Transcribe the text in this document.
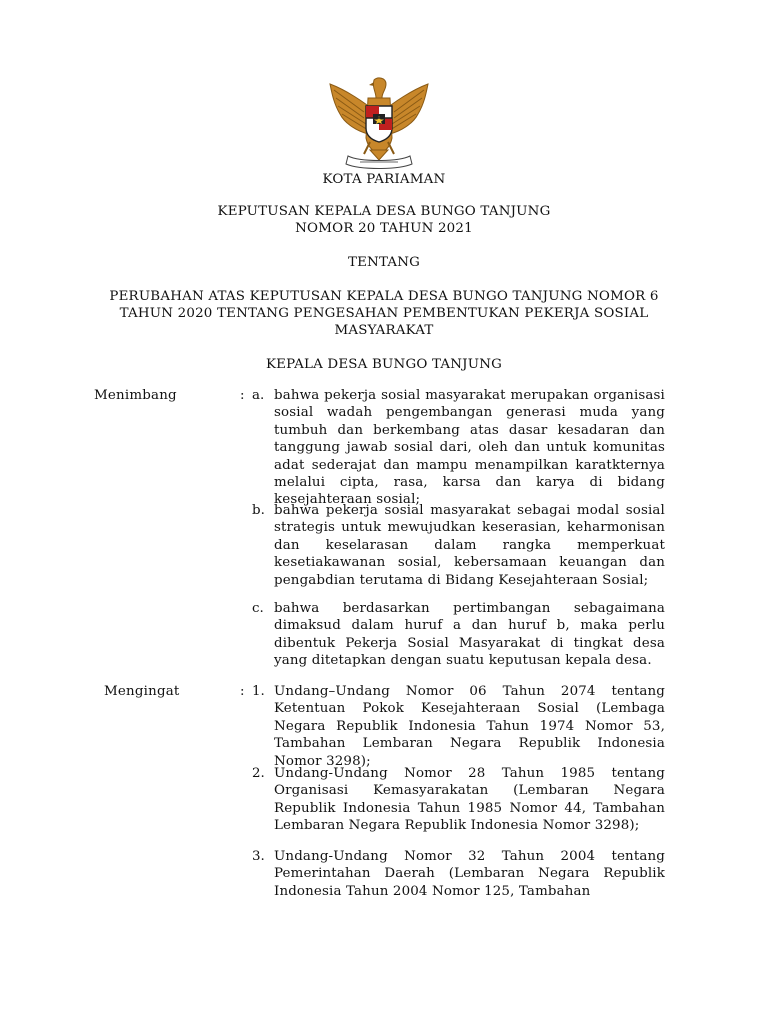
KOTA PARIAMAN
KEPUTUSAN KEPALA DESA BUNGO TANJUNG
NOMOR 20 TAHUN 2021
TENTANG
PERUBAHAN ATAS KEPUTUSAN KEPALA DESA BUNGO TANJUNG NOMOR 6
TAHUN 2020 TENTANG PENGESAHAN PEMBENTUKAN PEKERJA SOSIAL
MASYARAKAT
KEPALA DESA BUNGO TANJUNG
Menimbang	: a. bahwa pekerja sosial masyarakat merupakan organisasi sosial wadah pengembangan generasi muda yang tumbuh dan berkembang atas dasar kesadaran dan tanggung jawab sosial dari, oleh dan untuk komunitas adat sederajat dan mampu menampilkan karatkternya melalui cipta, rasa, karsa dan karya di bidang kesejahteraan sosial;

b. bahwa pekerja sosial masyarakat sebagai modal sosial strategis untuk mewujudkan keserasian, keharmonisan dan keselarasan dalam rangka memperkuat kesetiakawanan sosial, kebersamaan keuangan dan pengabdian terutama di Bidang Kesejahteraan Sosial;

c. bahwa berdasarkan pertimbangan sebagaimana dimaksud dalam huruf a dan huruf b, maka perlu dibentuk Pekerja Sosial Masyarakat di tingkat desa yang ditetapkan dengan suatu keputusan kepala desa.

Mengingat	: 1. Undang–Undang Nomor 06 Tahun 2074 tentang Ketentuan Pokok Kesejahteraan Sosial (Lembaga Negara Republik Indonesia Tahun 1974 Nomor 53, Tambahan Lembaran Negara Republik Indonesia Nomor 3298);

2. Undang-Undang Nomor 28 Tahun 1985 tentang Organisasi Kemasyarakatan (Lembaran Negara Republik Indonesia Tahun 1985 Nomor 44, Tambahan Lembaran Negara Republik Indonesia Nomor 3298);

3. Undang-Undang Nomor 32 Tahun 2004 tentang Pemerintahan Daerah (Lembaran Negara Republik Indonesia Tahun 2004 Nomor 125, Tambahan
